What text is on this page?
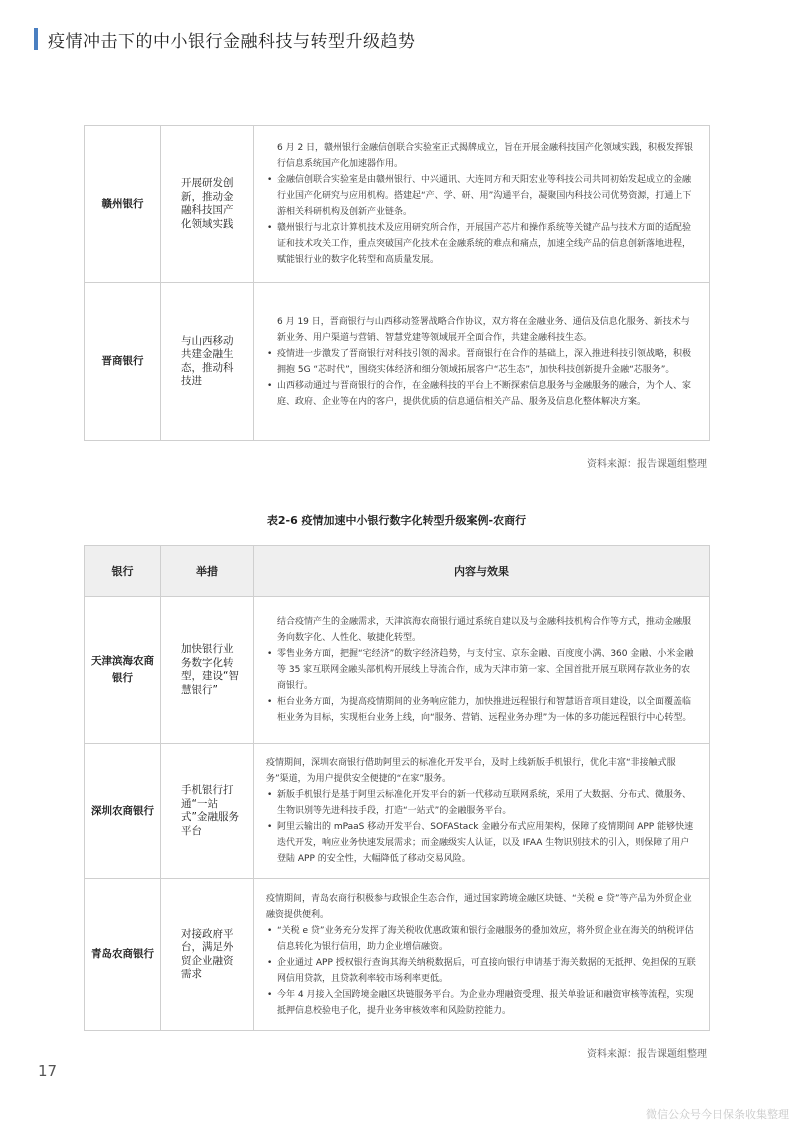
疫情冲击下的中小银行金融科技与转型升级趋势
赣州银行	开展研发创新，推动金融科技国产化领域实践	6 月 2 日，赣州银行金融信创联合实验室正式揭牌成立，旨在开展金融科技国产化领域实践，积极发挥银行信息系统国产化加速器作用。

• 金融信创联合实验室是由赣州银行、中兴通讯、大连同方和天阳宏业等科技公司共同初始发起成立的金融行业国产化研究与应用机构。搭建起“产、学、研、用”沟通平台，凝聚国内科技公司优势资源，打通上下游相关科研机构及创新产业链条。

• 赣州银行与北京计算机技术及应用研究所合作，开展国产芯片和操作系统等关键产品与技术方面的适配验证和技术攻关工作，重点突破国产化技术在金融系统的难点和痛点，加速全线产品的信息创新落地进程，赋能银行业的数字化转型和高质量发展。

晋商银行	与山西移动共建金融生态，推动科技进	6 月 19 日，晋商银行与山西移动签署战略合作协议，双方将在金融业务、通信及信息化服务、新技术与新业务、用户渠道与营销、智慧党建等领域展开全面合作，共建金融科技生态。

• 疫情进一步激发了晋商银行对科技引领的渴求。晋商银行在合作的基础上，深入推进科技引领战略，积极拥抱 5G “芯时代”，围绕实体经济和细分领域拓展客户“芯生态”，加快科技创新提升金融“芯服务”。

• 山西移动通过与晋商银行的合作，在金融科技的平台上不断探索信息服务与金融服务的融合，为个人、家庭、政府、企业等在内的客户，提供优质的信息通信相关产品、服务及信息化整体解决方案。

资料来源：报告课题组整理
表2-6 疫情加速中小银行数字化转型升级案例-农商行
银行	举措	内容与效果
天津滨海农商银行	加快银行业务数字化转型，建设“智慧银行”	结合疫情产生的金融需求，天津滨海农商银行通过系统自建以及与金融科技机构合作等方式，推动金融服务向数字化、人性化、敏捷化转型。

• 零售业务方面，把握“宅经济”的数字经济趋势，与支付宝、京东金融、百度度小满、360 金融、小米金融等 35 家互联网金融头部机构开展线上导流合作，成为天津市第一家、全国首批开展互联网存款业务的农商银行。

• 柜台业务方面，为提高疫情期间的业务响应能力，加快推进远程银行和智慧语音项目建设，以全面覆盖临柜业务为目标，实现柜台业务上线，向“服务、营销、远程业务办理”为一体的多功能远程银行中心转型。

深圳农商银行	手机银行打通“一站式”金融服务平台	疫情期间，深圳农商银行借助阿里云的标准化开发平台，及时上线新版手机银行，优化丰富“非接触式服务”渠道，为用户提供安全便捷的“在家”服务。

• 新版手机银行是基于阿里云标准化开发平台的新一代移动互联网系统，采用了大数据、分布式、微服务、生物识别等先进科技手段，打造“一站式”的金融服务平台。

• 阿里云输出的 mPaaS 移动开发平台、SOFAStack 金融分布式应用架构，保障了疫情期间 APP 能够快速迭代开发，响应业务快速发展需求；而金融级实人认证，以及 IFAA 生物识别技术的引入，则保障了用户登陆 APP 的安全性，大幅降低了移动交易风险。

青岛农商银行	对接政府平台，满足外贸企业融资需求	疫情期间，青岛农商行积极参与政银企生态合作，通过国家跨境金融区块链、“关税 e 贷”等产品为外贸企业融资提供便利。

• “关税 e 贷”业务充分发挥了海关税收优惠政策和银行金融服务的叠加效应，将外贸企业在海关的纳税评估信息转化为银行信用，助力企业增信融资。

• 企业通过 APP 授权银行查询其海关纳税数据后，可直接向银行申请基于海关数据的无抵押、免担保的互联网信用贷款，且贷款利率较市场利率更低。

• 今年 4 月接入全国跨境金融区块链服务平台。为企业办理融资受理、报关单验证和融资审核等流程，实现抵押信息校验电子化，提升业务审核效率和风险防控能力。

资料来源：报告课题组整理
17
微信公众号今日保条收集整理
